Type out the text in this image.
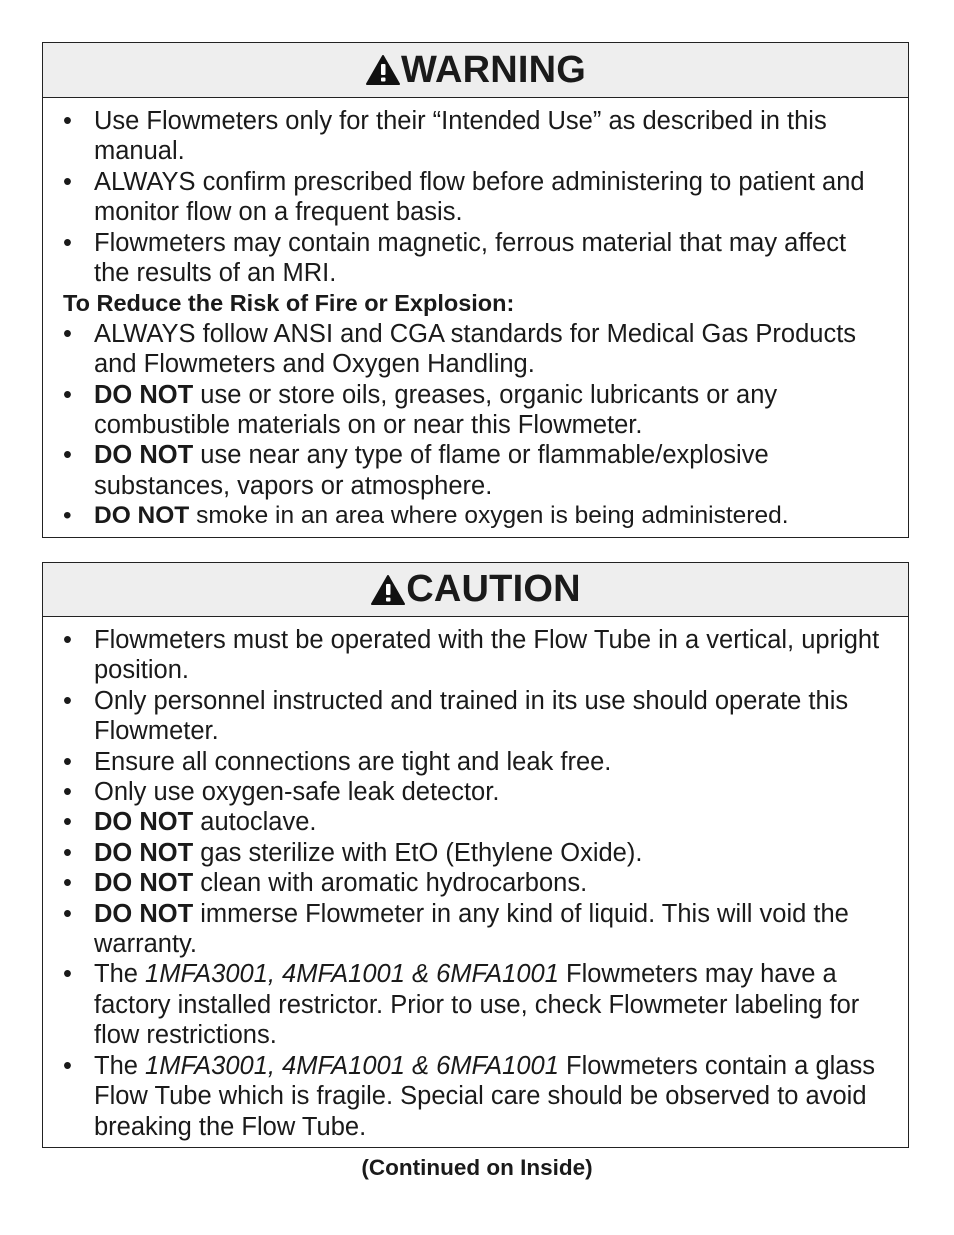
WARNING

• Use Flowmeters only for their “Intended Use” as described in this manual.

• ALWAYS confirm prescribed flow before administering to patient and monitor flow on a frequent basis.

• Flowmeters may contain magnetic, ferrous material that may affect the results of an MRI.

To Reduce the Risk of Fire or Explosion:

• ALWAYS follow ANSI and CGA standards for Medical Gas Products and Flowmeters and Oxygen Handling.

• DO NOT use or store oils, greases, organic lubricants or any combustible materials on or near this Flowmeter.

• DO NOT use near any type of flame or flammable/explosive substances, vapors or atmosphere.

• DO NOT smoke in an area where oxygen is being administered.

CAUTION

• Flowmeters must be operated with the Flow Tube in a vertical, upright position.

• Only personnel instructed and trained in its use should operate this Flowmeter.

• Ensure all connections are tight and leak free.

• Only use oxygen-safe leak detector.

• DO NOT autoclave.

• DO NOT gas sterilize with EtO (Ethylene Oxide).

• DO NOT clean with aromatic hydrocarbons.

• DO NOT immerse Flowmeter in any kind of liquid. This will void the warranty.

• The 1MFA3001, 4MFA1001 & 6MFA1001 Flowmeters may have a factory installed restrictor. Prior to use, check Flowmeter labeling for flow restrictions.

• The 1MFA3001, 4MFA1001 & 6MFA1001 Flowmeters contain a glass Flow Tube which is fragile. Special care should be observed to avoid breaking the Flow Tube.

(Continued on Inside)
